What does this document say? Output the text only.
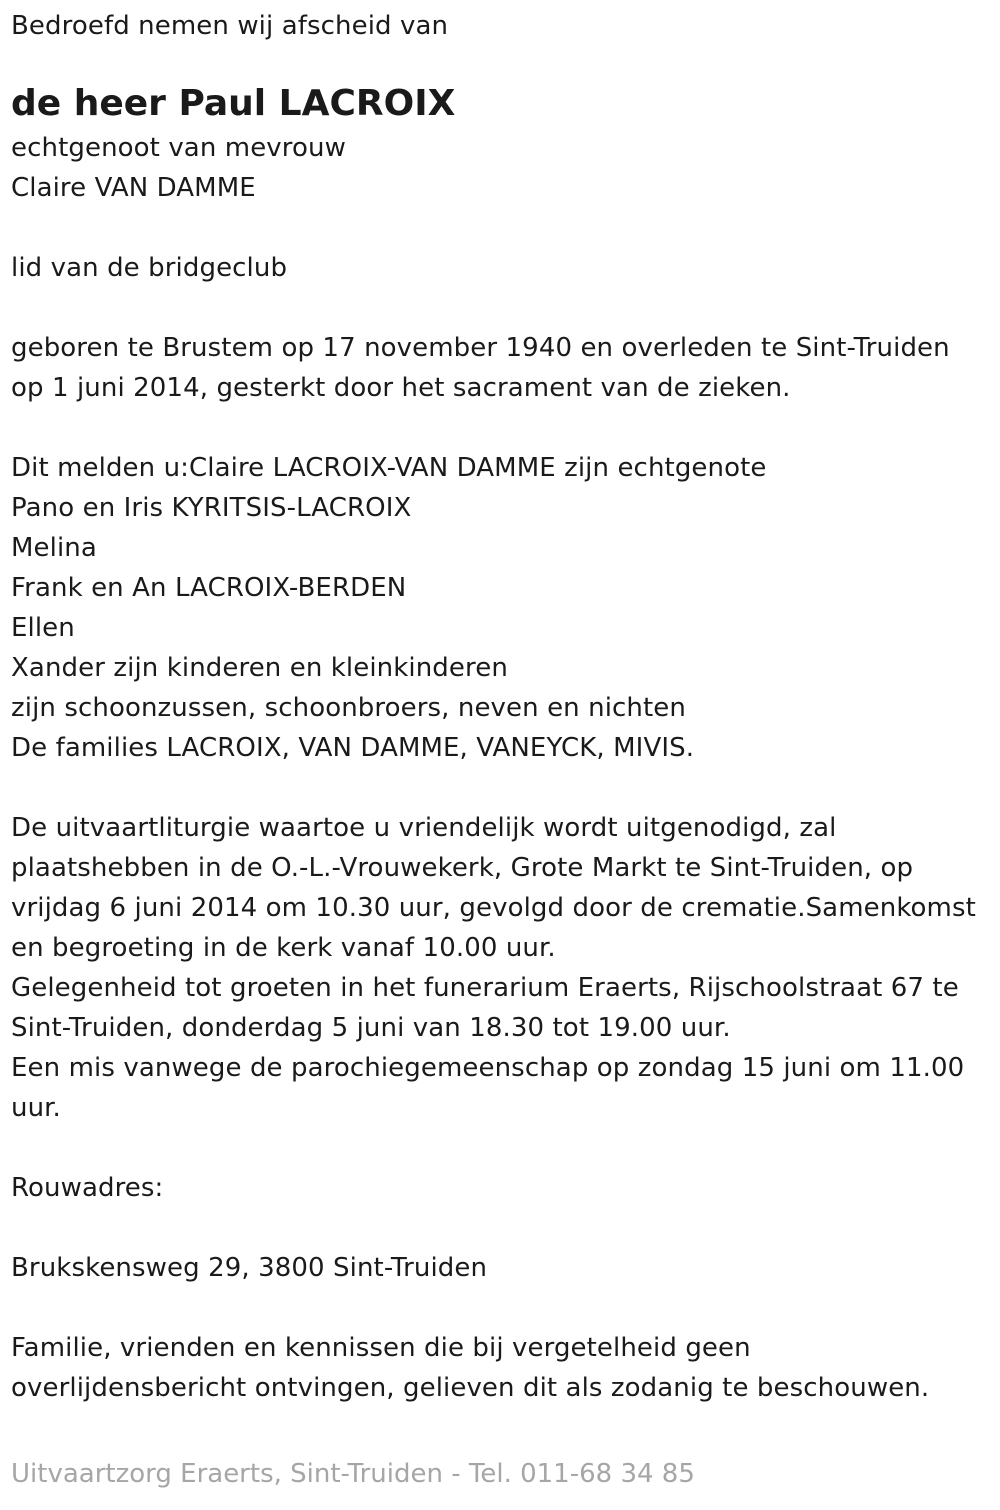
Bedroefd nemen wij afscheid van
de heer Paul LACROIX
echtgenoot van mevrouw
Claire VAN DAMME
lid van de bridgeclub
geboren te Brustem op 17 november 1940 en overleden te Sint-Truiden
op 1 juni 2014, gesterkt door het sacrament van de zieken.
Dit melden u:Claire LACROIX-VAN DAMME zijn echtgenote
Pano en Iris KYRITSIS-LACROIX
Melina
Frank en An LACROIX-BERDEN
Ellen
Xander zijn kinderen en kleinkinderen
zijn schoonzussen, schoonbroers, neven en nichten
De families LACROIX, VAN DAMME, VANEYCK, MIVIS.
De uitvaartliturgie waartoe u vriendelijk wordt uitgenodigd, zal
plaatshebben in de O.-L.-Vrouwekerk, Grote Markt te Sint-Truiden, op
vrijdag 6 juni 2014 om 10.30 uur, gevolgd door de crematie.Samenkomst
en begroeting in de kerk vanaf 10.00 uur.
Gelegenheid tot groeten in het funerarium Eraerts, Rijschoolstraat 67 te
Sint-Truiden, donderdag 5 juni van 18.30 tot 19.00 uur.
Een mis vanwege de parochiegemeenschap op zondag 15 juni om 11.00
uur.
Rouwadres:
Brukskensweg 29, 3800 Sint-Truiden
Familie, vrienden en kennissen die bij vergetelheid geen
overlijdensbericht ontvingen, gelieven dit als zodanig te beschouwen.
Uitvaartzorg Eraerts, Sint-Truiden - Tel. 011-68 34 85
